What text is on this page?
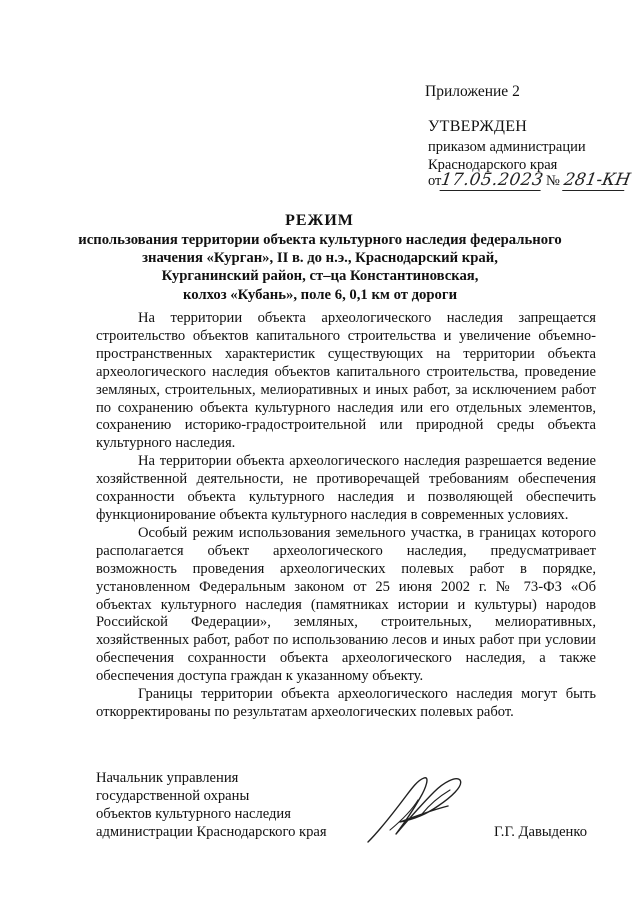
Приложение 2
УТВЕРЖДЕН
приказом администрации
Краснодарского края
от17.05.2023 № 281-КН
РЕЖИМ
использования территории объекта культурного наследия федерального
значения «Курган», II в. до н.э., Краснодарский край,
Курганинский район, ст–ца Константиновская,
колхоз «Кубань», поле 6, 0,1 км от дороги

На территории объекта археологического наследия запрещается строительство объектов капитального строительства и увеличение объемно-пространственных характеристик существующих на территории объекта археологического наследия объектов капитального строительства, проведение земляных, строительных, мелиоративных и иных работ, за исключением работ по сохранению объекта культурного наследия или его отдельных элементов, сохранению историко-градостроительной или природной среды объекта культурного наследия.

На территории объекта археологического наследия разрешается ведение хозяйственной деятельности, не противоречащей требованиям обеспечения сохранности объекта культурного наследия и позволяющей обеспечить функционирование объекта культурного наследия в современных условиях.

Особый режим использования земельного участка, в границах которого располагается объект археологического наследия, предусматривает возможность проведения археологических полевых работ в порядке, установленном Федеральным законом от 25 июня 2002 г. № 73-ФЗ «Об объектах культурного наследия (памятниках истории и культуры) народов Российской Федерации», земляных, строительных, мелиоративных, хозяйственных работ, работ по использованию лесов и иных работ при условии обеспечения сохранности объекта археологического наследия, а также обеспечения доступа граждан к указанному объекту.

Границы территории объекта археологического наследия могут быть откорректированы по результатам археологических полевых работ.

Начальник управления
государственной охраны
объектов культурного наследия
администрации Краснодарского края	Г.Г. Давыденко
